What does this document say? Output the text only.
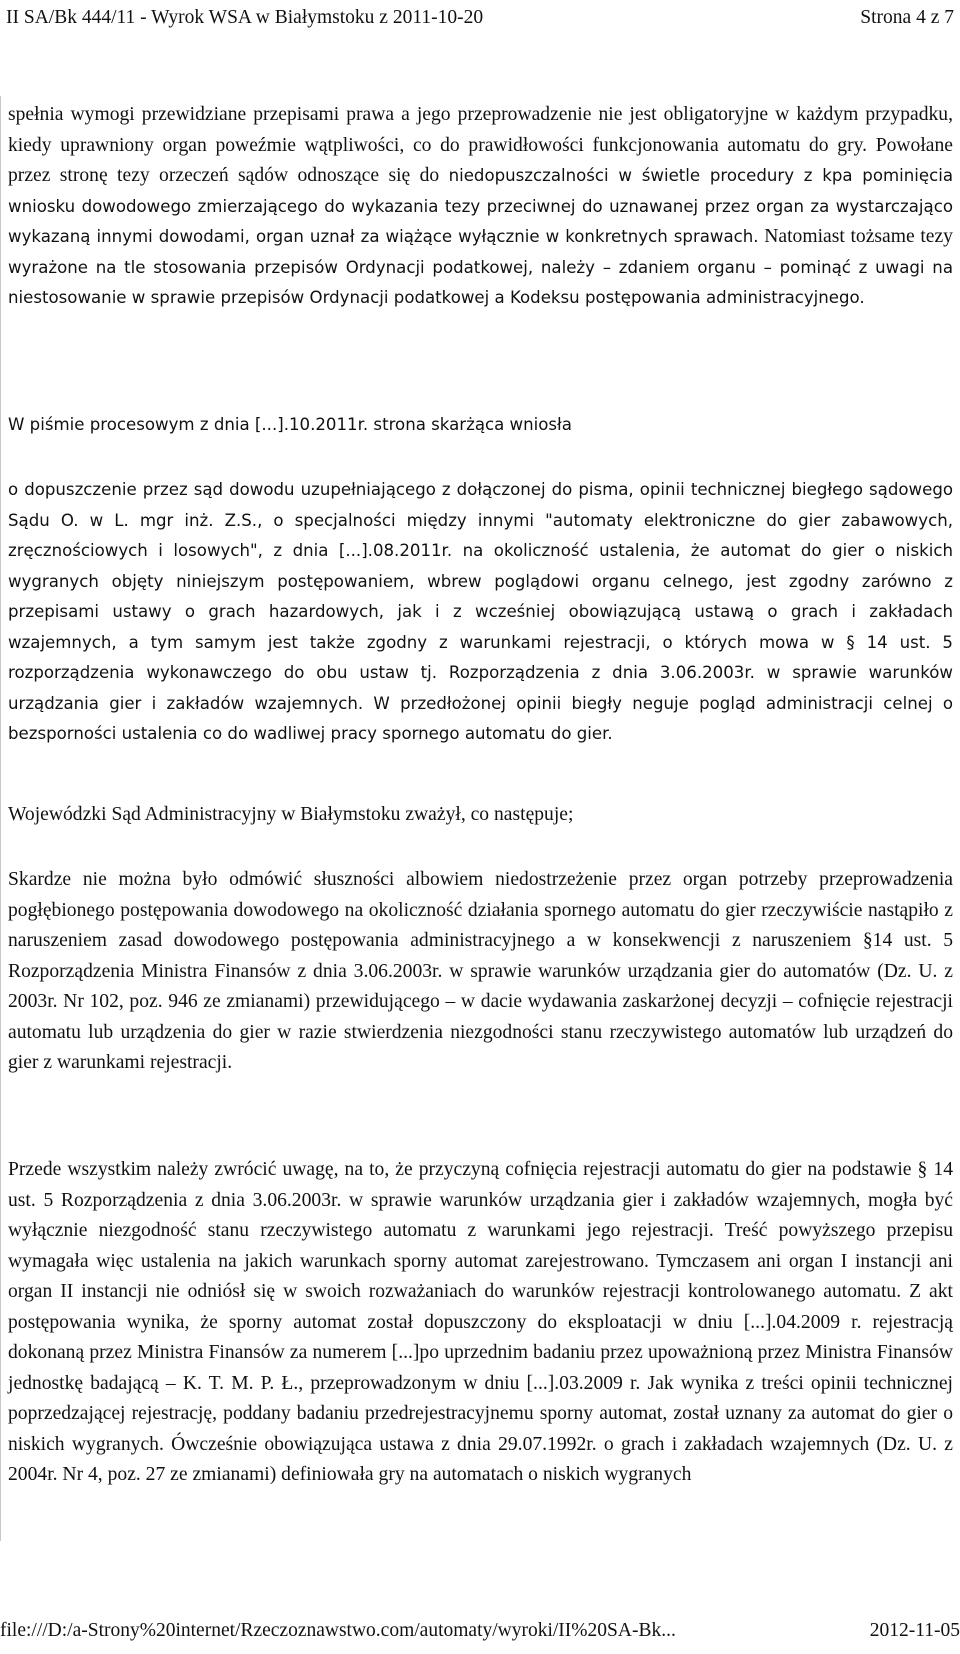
II SA/Bk 444/11 - Wyrok WSA w Białymstoku z 2011-10-20	Strona 4 z 7

spełnia wymogi przewidziane przepisami prawa a jego przeprowadzenie nie jest obligatoryjne w każdym przypadku, kiedy uprawniony organ poweźmie wątpliwości, co do prawidłowości funkcjonowania automatu do gry. Powołane przez stronę tezy orzeczeń sądów odnoszące się do niedopuszczalności w świetle procedury z kpa pominięcia wniosku dowodowego zmierzającego do wykazania tezy przeciwnej do uznawanej przez organ za wystarczająco wykazaną innymi dowodami, organ uznał za wiążące wyłącznie w konkretnych sprawach. Natomiast tożsame tezy wyrażone na tle stosowania przepisów Ordynacji podatkowej, należy – zdaniem organu – pominąć z uwagi na niestosowanie w sprawie przepisów Ordynacji podatkowej a Kodeksu postępowania administracyjnego.

W piśmie procesowym z dnia [...].10.2011r. strona skarżąca wniosła

o dopuszczenie przez sąd dowodu uzupełniającego z dołączonej do pisma, opinii technicznej biegłego sądowego Sądu O. w L. mgr inż. Z.S., o specjalności między innymi "automaty elektroniczne do gier zabawowych, zręcznościowych i losowych", z dnia [...].08.2011r. na okoliczność ustalenia, że automat do gier o niskich wygranych objęty niniejszym postępowaniem, wbrew poglądowi organu celnego, jest zgodny zarówno z przepisami ustawy o grach hazardowych, jak i z wcześniej obowiązującą ustawą o grach i zakładach wzajemnych, a tym samym jest także zgodny z warunkami rejestracji, o których mowa w § 14 ust. 5 rozporządzenia wykonawczego do obu ustaw tj. Rozporządzenia z dnia 3.06.2003r. w sprawie warunków urządzania gier i zakładów wzajemnych. W przedłożonej opinii biegły neguje pogląd administracji celnej o bezsporności ustalenia co do wadliwej pracy spornego automatu do gier.

Wojewódzki Sąd Administracyjny w Białymstoku zważył, co następuje;

Skardze nie można było odmówić słuszności albowiem niedostrzeżenie przez organ potrzeby przeprowadzenia pogłębionego postępowania dowodowego na okoliczność działania spornego automatu do gier rzeczywiście nastąpiło z naruszeniem zasad dowodowego postępowania administracyjnego a w konsekwencji z naruszeniem §14 ust. 5 Rozporządzenia Ministra Finansów z dnia 3.06.2003r. w sprawie warunków urządzania gier do automatów (Dz. U. z 2003r. Nr 102, poz. 946 ze zmianami) przewidującego – w dacie wydawania zaskarżonej decyzji – cofnięcie rejestracji automatu lub urządzenia do gier w razie stwierdzenia niezgodności stanu rzeczywistego automatów lub urządzeń do gier z warunkami rejestracji.

Przede wszystkim należy zwrócić uwagę, na to, że przyczyną cofnięcia rejestracji automatu do gier na podstawie § 14 ust. 5 Rozporządzenia z dnia 3.06.2003r. w sprawie warunków urządzania gier i zakładów wzajemnych, mogła być wyłącznie niezgodność stanu rzeczywistego automatu z warunkami jego rejestracji. Treść powyższego przepisu wymagała więc ustalenia na jakich warunkach sporny automat zarejestrowano. Tymczasem ani organ I instancji ani organ II instancji nie odniósł się w swoich rozważaniach do warunków rejestracji kontrolowanego automatu. Z akt postępowania wynika, że sporny automat został dopuszczony do eksploatacji w dniu [...].04.2009 r. rejestracją dokonaną przez Ministra Finansów za numerem [...]po uprzednim badaniu przez upoważnioną przez Ministra Finansów jednostkę badającą – K. T. M. P. Ł., przeprowadzonym w dniu [...].03.2009 r. Jak wynika z treści opinii technicznej poprzedzającej rejestrację, poddany badaniu przedrejestracyjnemu sporny automat, został uznany za automat do gier o niskich wygranych. Ówcześnie obowiązująca ustawa z dnia 29.07.1992r. o grach i zakładach wzajemnych (Dz. U. z 2004r. Nr 4, poz. 27 ze zmianami) definiowała gry na automatach o niskich wygranych

file:///D:/a-Strony%20internet/Rzeczoznawstwo.com/automaty/wyroki/II%20SA-Bk...	2012-11-05
